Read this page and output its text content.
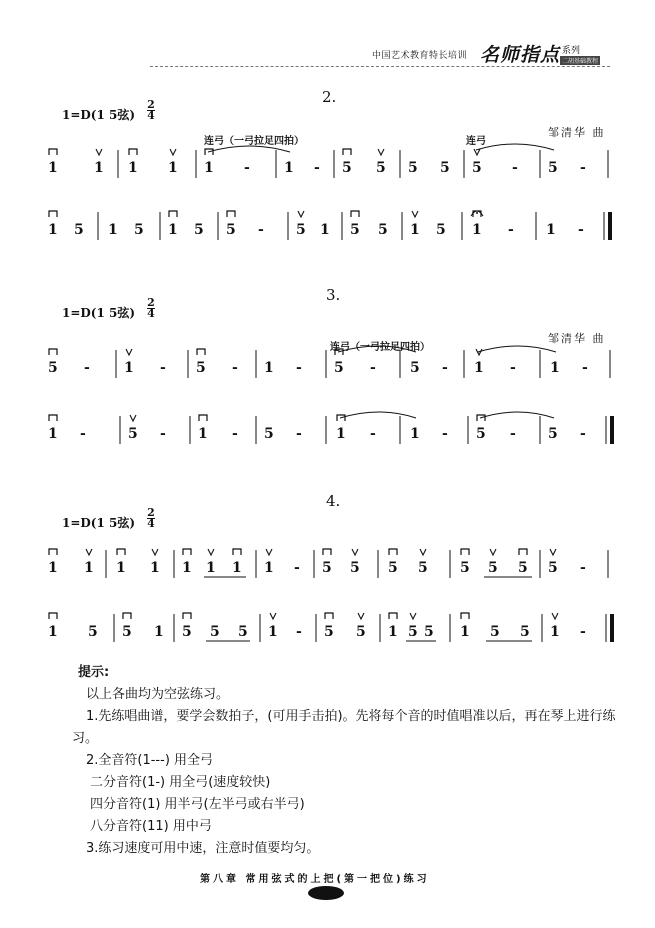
中国艺术教育特长培训 名师指点 系列
二胡基础教程
2.
1=D(1 5弦)
2
4
邹清华 曲
连弓（一弓拉足四拍）	连弓
3.
1=D(1 5弦)
2
4
邹清华 曲
连弓（一弓拉足四拍）
4.
1=D(1 5弦)
2
4
1	1 1 1 1 - 1 - 5 5 5 5 5 - 5 -
1 5 1 5 1 5 5 - 5 1 5 5 1 5 1 - 1 -
5 - 1 - 5 - 1 - 5 - 5 - 1 - 1 -
1 -	5 - 1 - 5 - 1 - 1 - 5 - 5 -
1 1 1 1 1 1 1 1 - 5 5 5 5 5 5 5 5 -
1 5 5 1 5 5 5 1 - 5 5 1 5 5 1 5 5 1 -
提示:
以上各曲均为空弦练习。
1.先练唱曲谱，要学会数拍子，(可用手击拍)。先将每个音的时值唱准以后，再在琴上进行练习。
2.全音符(1---) 用全弓
二分音符(1-) 用全弓(速度较快)
四分音符(1) 用半弓(左半弓或右半弓)
八分音符(11) 用中弓
3.练习速度可用中速，注意时值要均匀。
第八章 常用弦式的上把(第一把位)练习
